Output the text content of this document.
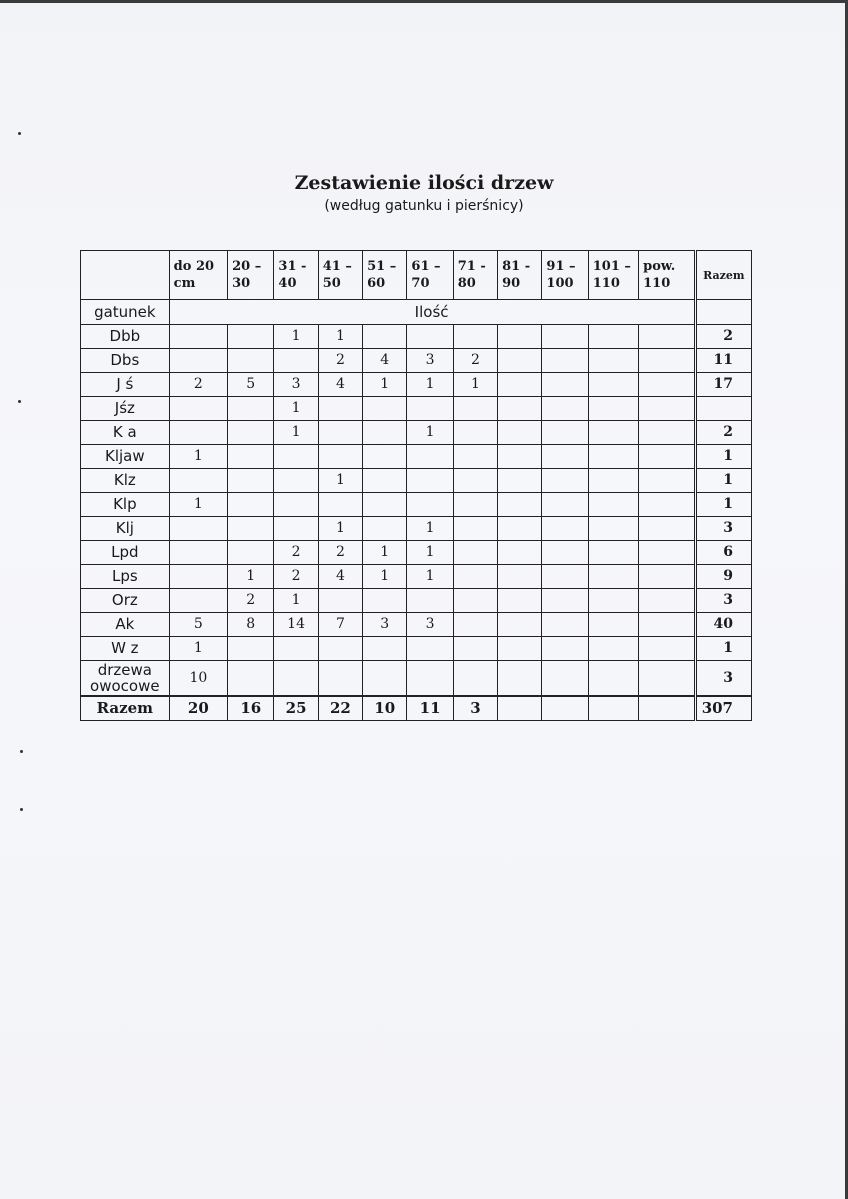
Zestawienie ilości drzew
(według gatunku i pierśnicy)
	do 20 cm	20 – 30	31 - 40	41 – 50	51 – 60	61 – 70	71 - 80	81 - 90	91 – 100	101 – 110	pow. 110	Razem
gatunek	Ilość											
Dbb			1	1								2
Dbs				2	4	3	2					11
J ś	2	5	3	4	1	1	1					17
Jśz			1									
K a			1			1						2
Kljaw	1											1
Klz				1								1
Klp	1											1
Klj				1		1						3
Lpd			2	2	1	1						6
Lps		1	2	4	1	1						9
Orz		2	1									3
Ak	5	8	14	7	3	3						40
W z	1											1
drzewa owocowe	10											3
Razem	20	16	25	22	10	11	3					307
